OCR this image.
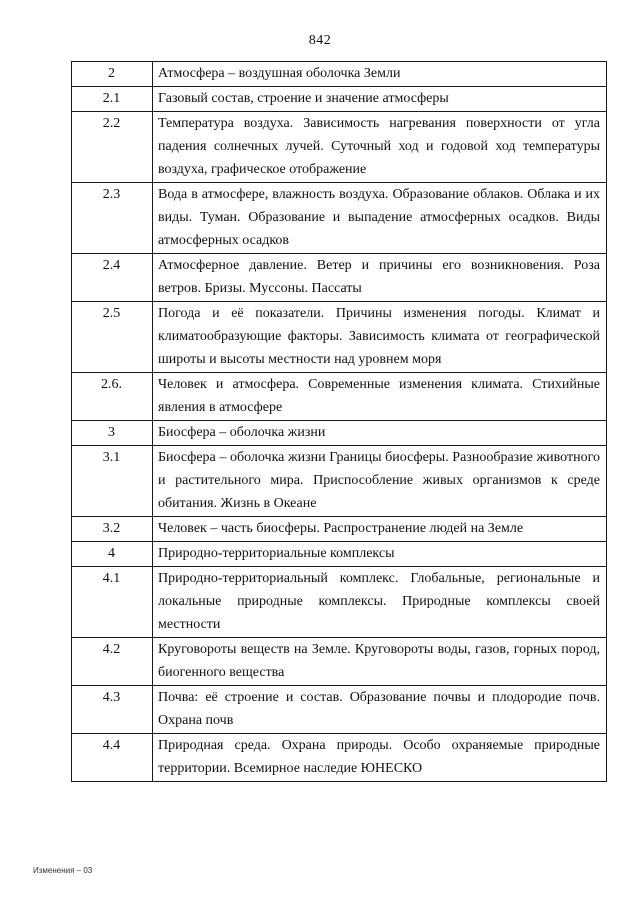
842
2	Атмосфера – воздушная оболочка Земли
2.1	Газовый состав, строение и значение атмосферы
2.2	Температура воздуха. Зависимость нагревания поверхности от угла падения солнечных лучей. Суточный ход и годовой ход температуры воздуха, графическое отображение
2.3	Вода в атмосфере, влажность воздуха. Образование облаков. Облака и их виды. Туман. Образование и выпадение атмосферных осадков. Виды атмосферных осадков
2.4	Атмосферное давление. Ветер и причины его возникновения. Роза ветров. Бризы. Муссоны. Пассаты
2.5	Погода и её показатели. Причины изменения погоды. Климат и климатообразующие факторы. Зависимость климата от географической широты и высоты местности над уровнем моря
2.6.	Человек и атмосфера. Современные изменения климата. Стихийные явления в атмосфере
3	Биосфера – оболочка жизни
3.1	Биосфера – оболочка жизни Границы биосферы. Разнообразие животного и растительного мира. Приспособление живых организмов к среде обитания. Жизнь в Океане
3.2	Человек – часть биосферы. Распространение людей на Земле
4	Природно-территориальные комплексы
4.1	Природно-территориальный комплекс. Глобальные, региональные и локальные природные комплексы. Природные комплексы своей местности
4.2	Круговороты веществ на Земле. Круговороты воды, газов, горных пород, биогенного вещества
4.3	Почва: её строение и состав. Образование почвы и плодородие почв. Охрана почв
4.4	Природная среда. Охрана природы. Особо охраняемые природные территории. Всемирное наследие ЮНЕСКО
Изменения – 03
